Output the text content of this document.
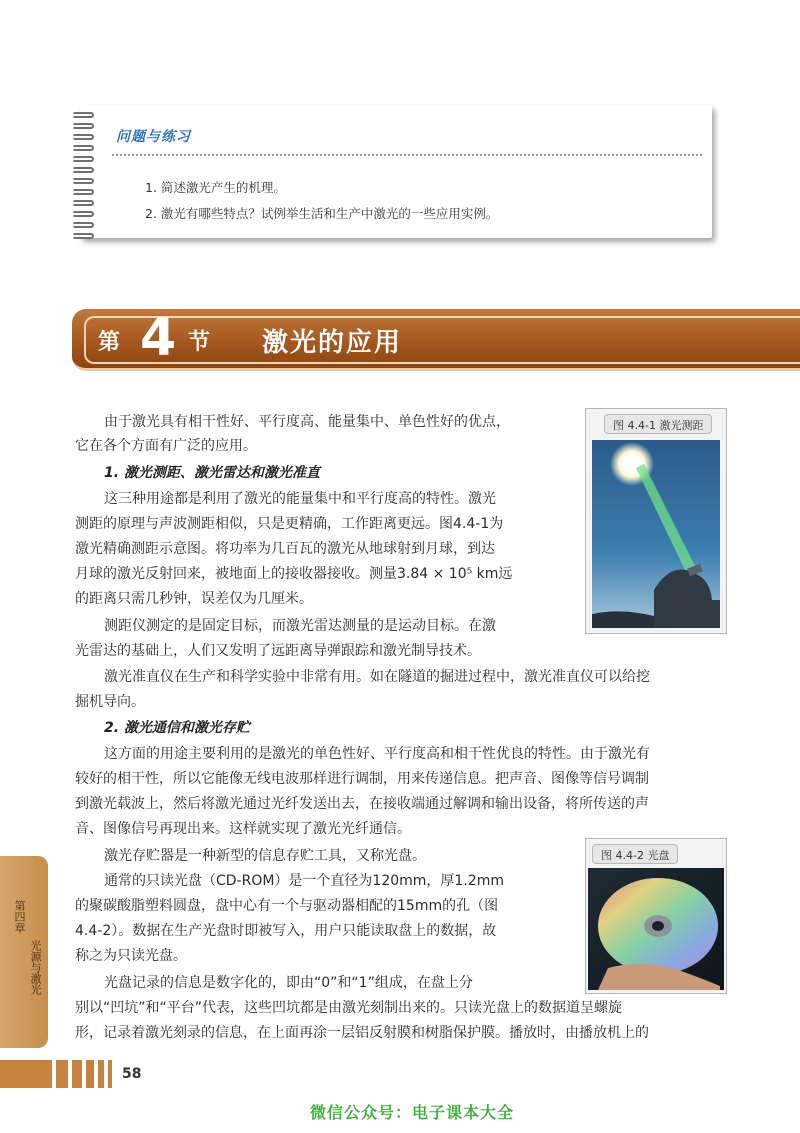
问题与练习
1. 简述激光产生的机理。
2. 激光有哪些特点？试例举生活和生产中激光的一些应用实例。
第 4 节 激光的应用
由于激光具有相干性好、平行度高、能量集中、单色性好的优点，
它在各个方面有广泛的应用。
1. 激光测距、激光雷达和激光准直
这三种用途都是利用了激光的能量集中和平行度高的特性。激光
测距的原理与声波测距相似，只是更精确，工作距离更远。图4.4-1为
激光精确测距示意图。将功率为几百瓦的激光从地球射到月球，到达
月球的激光反射回来，被地面上的接收器接收。测量3.84 × 10⁵ km远
的距离只需几秒钟，误差仅为几厘米。
测距仪测定的是固定目标，而激光雷达测量的是运动目标。在激
光雷达的基础上，人们又发明了远距离导弹跟踪和激光制导技术。
激光准直仪在生产和科学实验中非常有用。如在隧道的掘进过程中，激光准直仪可以给挖
掘机导向。
2. 激光通信和激光存贮
这方面的用途主要利用的是激光的单色性好、平行度高和相干性优良的特性。由于激光有
较好的相干性，所以它能像无线电波那样进行调制，用来传递信息。把声音、图像等信号调制
到激光载波上，然后将激光通过光纤发送出去，在接收端通过解调和输出设备，将所传送的声
音、图像信号再现出来。这样就实现了激光光纤通信。
激光存贮器是一种新型的信息存贮工具，又称光盘。
通常的只读光盘（CD-ROM）是一个直径为120mm，厚1.2mm
的聚碳酸脂塑料圆盘，盘中心有一个与驱动器相配的15mm的孔（图
4.4-2）。数据在生产光盘时即被写入，用户只能读取盘上的数据，故
称之为只读光盘。
光盘记录的信息是数字化的，即由“0”和“1”组成，在盘上分
别以“凹坑”和“平台”代表，这些凹坑都是由激光刻制出来的。只读光盘上的数据道呈螺旋
形，记录着激光刻录的信息，在上面再涂一层铝反射膜和树脂保护膜。播放时，由播放机上的
图 4.4-1 激光测距
图 4.4-2 光盘
第四章
光源与激光
58
微信公众号：电子课本大全
